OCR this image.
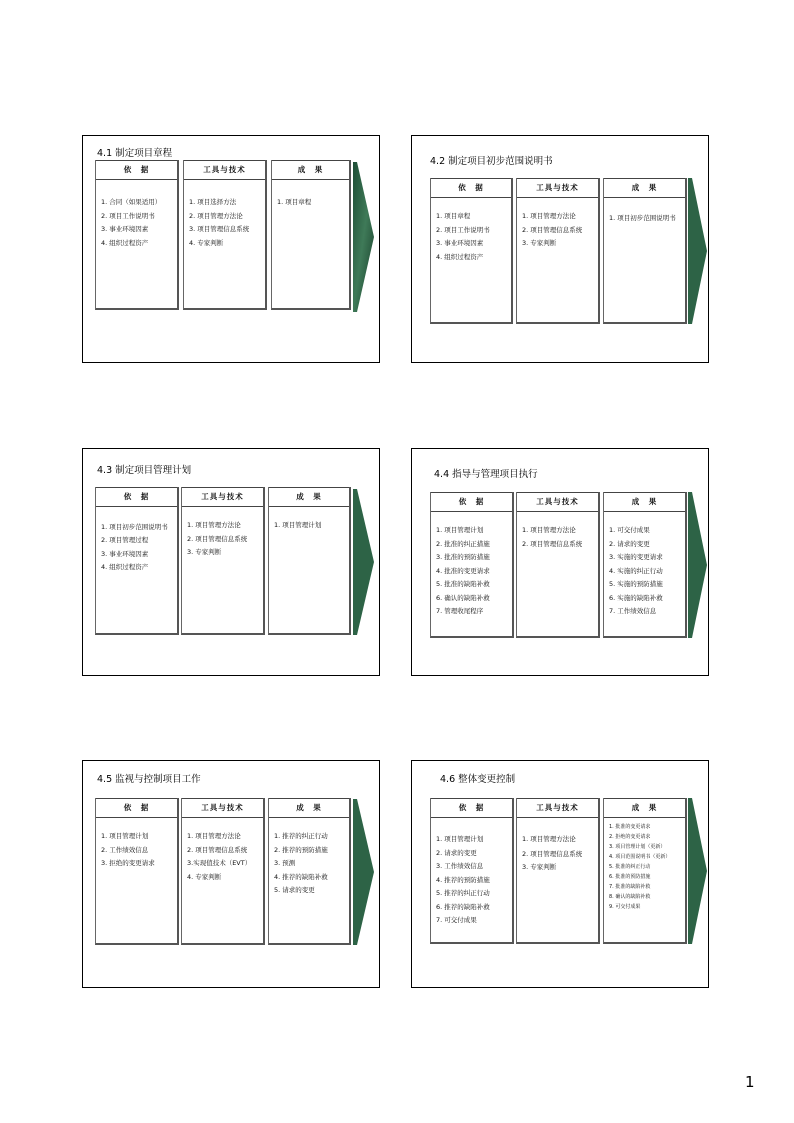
4.1 制定项目章程
依　据
1. 合同（如果适用）
2. 项目工作说明书
3. 事业环境因素
4. 组织过程资产
工具与技术
1. 项目选择方法
2. 项目管理方法论
3. 项目管理信息系统
4. 专家判断
成　果
1. 项目章程
4.2 制定项目初步范围说明书
依　据
1. 项目章程
2. 项目工作说明书
3. 事业环境因素
4. 组织过程资产
工具与技术
1. 项目管理方法论
2. 项目管理信息系统
3. 专家判断
成　果
1. 项目初步范围说明书
4.3 制定项目管理计划
依　据
1. 项目初步范围说明书
2. 项目管理过程
3. 事业环境因素
4. 组织过程资产
工具与技术
1. 项目管理方法论
2. 项目管理信息系统
3. 专家判断
成　果
1. 项目管理计划
4.4 指导与管理项目执行
依　据
1. 项目管理计划
2. 批准的纠正措施
3. 批准的预防措施
4. 批准的变更请求
5. 批准的缺陷补救
6. 确认的缺陷补救
7. 管理收尾程序
工具与技术
1. 项目管理方法论
2. 项目管理信息系统
成　果
1. 可交付成果
2. 请求的变更
3. 实施的变更请求
4. 实施的纠正行动
5. 实施的预防措施
6. 实施的缺陷补救
7. 工作绩效信息
4.5 监视与控制项目工作
依　据
1. 项目管理计划
2. 工作绩效信息
3. 拒绝的变更请求
工具与技术
1. 项目管理方法论
2. 项目管理信息系统
3.实现值技术（EVT）
4. 专家判断
成　果
1. 推荐的纠正行动
2. 推荐的预防措施
3. 预测
4. 推荐的缺陷补救
5. 请求的变更
4.6 整体变更控制
依　据
1. 项目管理计划
2. 请求的变更
3. 工作绩效信息
4. 推荐的预防措施
5. 推荐的纠正行动
6. 推荐的缺陷补救
7. 可交付成果
工具与技术
1. 项目管理方法论
2. 项目管理信息系统
3. 专家判断
成　果
1. 批准的变更请求
2. 拒绝的变更请求
3. 项目管理计划（更新）
4. 项目范围说明书（更新）
5. 批准的纠正行动
6. 批准的预防措施
7. 批准的缺陷补救
8. 确认的缺陷补救
9. 可交付成果
1
